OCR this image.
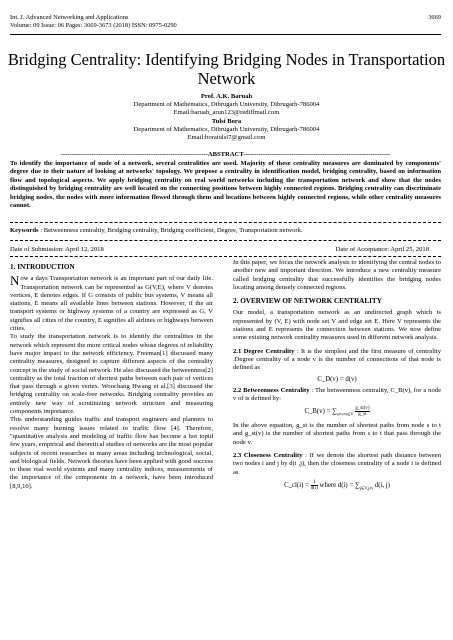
Int. J. Advanced Networking and Applications
Volume: 09 Issue: 06 Pages: 3669-3673 (2018) ISSN: 0975-0290
3669
Bridging Centrality: Identifying Bridging Nodes in Transportation Network
Prof. A.K. Baruah
Department of Mathematics, Dibrugarh University, Dibrugarh-786004
Email:baruah_arun123@rediffmail.com
Tulsi Bora
Department of Mathematics, Dibrugarh University, Dibrugarh-786004
Email:boratulsi7@gmail.com
-------------------------------------------------------------------ABSTRACT-------------------------------------------------------------------
To identify the importance of node of a network, several centralities are used. Majority of these centrality measures are dominated by components' degree due to their nature of looking at networks' topology. We propose a centrality in identification model, bridging centrality, based on information flow and topological aspects. We apply bridging centrality on real world networks including the transportation network and show that the nodes distinguished by bridging centrality are well located on the connecting positions between highly connected regions. Bridging centrality can discriminate bridging nodes, the nodes with more information flowed through them and locations between highly connected regions, while other centrality measures cannot.
Keywords : Betweenness centrality, Bridging centrality, Bridging coefficient, Degree, Transportation network.
Date of Submission: April 12, 2018	Date of Acceptance: April 25, 2018
1. INTRODUCTION

Now a days Transportation network is an important part of our daily life. Transportation network can be represented as G(V,E), where V denotes vertices, E denotes edges. If G consists of public bus systems, V means all stations, E means all available lines between stations. However, if the air transport systems or highway systems of a country are expressed as G, V signifies all cities of the country, E signifies all airlines or highways between cities.

To study the transportation network is to identify the centralities in the network which represent the more critical nodes whose degrees of reliability have major impact to the network efficiency. Freeman[1] discussed many centrality measures, designed to capture different aspects of the centrality concept in the study of social network. He also discussed the betweenness[2] centrality as the total fraction of shortest paths between each pair of vertices that pass through a given vertex. Woochang Hwang et al.[3] discussed the bridging centrality on scale-free networks. Bridging centrality provides an entirely new way of scrutinizing network structure and measuring components importance.

This understanding guides traffic and transport engineers and planners to resolve many burning issues related to traffic flow [4]. Therefore, "quantitative analysis and modeling of traffic flow has become a hot topid few years, empirical and theoretical studies of networks are the most popular subjects of recent researches in many areas including technological, social, and biological fields. Network theories have been applied with good success to these real world systems and many centrality indices, measurements of the importance of the components in a network, have been introduced [8,9,10].

In this paper, we focus the network analysis to identifying the central nodes to another new and important direction. We introduce a new centrality measure called bridging centrality that successfully identifies the bridging nodes locating among densely connected regions.

2. OVERVIEW OF NETWORK CENTRALITY

Our model, a transportation network as an undirected graph which is represented by (V, E) with node set V and edge set E. Here V represents the stations and E represents the connection between stations. We now define some existing network centrality measures used in different network analysis.

2.1 Degree Centrality : It is the simplest and the first measure of centrality .Degree centrality of a node v is the number of connections of that node is defined as

C_D(v) = d(v)

2.2 Betweenness Centrality : The betweenness centrality, C_B(v), for a node v of is defined by:

C_B(v) = $\sum_{s\ne v\ne t\in V} \frac{g\_st(v)}{g\_st}$

In the above equation, g_st is the number of shortest paths from node s to t and g_st(v) is the number of shortest paths from s to t that pass through the node v.

2.3 Closeness Centrality : If we denote the shortest path distance between two nodes i and j by d(i ,j), then the closeness centrality of a node i is defined as

C_cl(i) = $\frac{1}{d(i)}$ where $d(i) = \sum_{j\in V,j\ne i}$ d(i, j)
